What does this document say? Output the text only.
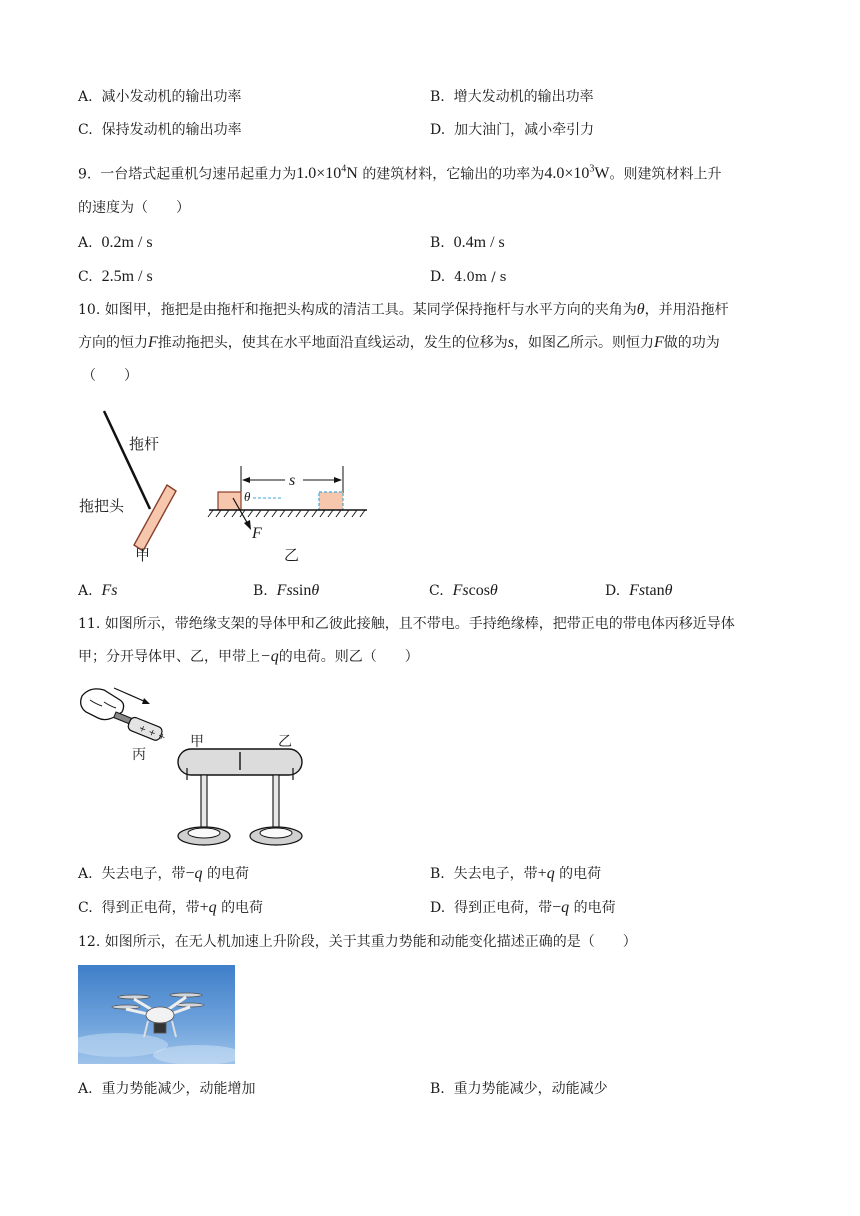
A. 减小发动机的输出功率	B. 增大发动机的输出功率
C. 保持发动机的输出功率	D. 加大油门，减小牵引力
9. 一台塔式起重机匀速吊起重力为$1.0\times 10^4N$ 的建筑材料，它输出的功率为$4.0\times 10^3W$。则建筑材料上升
的速度为（　　）
A. 0.2m / s	B. 0.4m / s
C. 2.5m / s	D. 4.0m / s
10. 如图甲，拖把是由拖杆和拖把头构成的清洁工具。某同学保持拖杆与水平方向的夹角为θ，并用沿拖杆
方向的恒力F推动拖把头，使其在水平地面沿直线运动，发生的位移为s，如图乙所示。则恒力F做的功为
（　　）
拖杆
拖把头
甲
s
θ
F
乙
A. Fs	B. Fssinθ	C. Fscosθ	D. Fstanθ
11. 如图所示，带绝缘支架的导体甲和乙彼此接触，且不带电。手持绝缘棒，把带正电的带电体丙移近导体
甲；分开导体甲、乙，甲带上−q的电荷。则乙（　　）
+ + + 甲	乙
丙
A. 失去电子，带−q 的电荷	B. 失去电子，带+q 的电荷
C. 得到正电荷，带+q 的电荷	D. 得到正电荷，带−q 的电荷
12. 如图所示，在无人机加速上升阶段，关于其重力势能和动能变化描述正确的是（　　）
A. 重力势能减少，动能增加	B. 重力势能减少，动能减少
